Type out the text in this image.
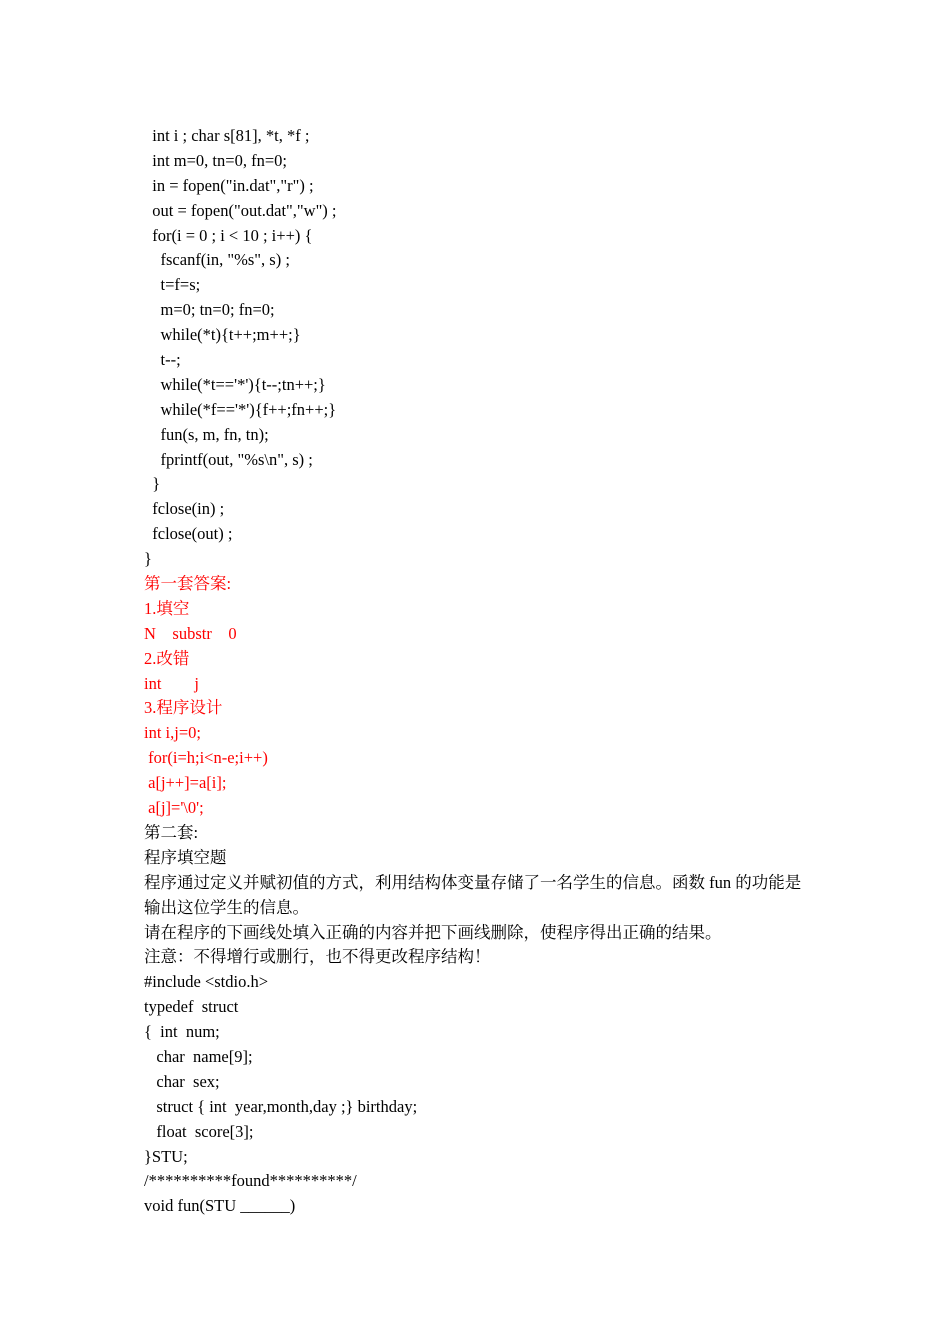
int i ; char s[81], *t, *f ;
int m=0, tn=0, fn=0;
in = fopen("in.dat","r") ;
out = fopen("out.dat","w") ;
for(i = 0 ; i < 10 ; i++) {
fscanf(in, "%s", s) ;
t=f=s;
m=0; tn=0; fn=0;
while(*t){t++;m++;}
t--;
while(*t=='*'){t--;tn++;}
while(*f=='*'){f++;fn++;}
fun(s, m, fn, tn);
fprintf(out, "%s\n", s) ;
}
fclose(in) ;
fclose(out) ;
}
第一套答案:
1.填空
N    substr    0
2.改错
int        j
3.程序设计
int i,j=0;
for(i=h;i<n-e;i++)
a[j++]=a[i];
a[j]='\0';
第二套:
程序填空题
程序通过定义并赋初值的方式，利用结构体变量存储了一名学生的信息。函数 fun 的功能是
输出这位学生的信息。
请在程序的下画线处填入正确的内容并把下画线删除，使程序得出正确的结果。
注意：不得增行或删行，也不得更改程序结构！
#include <stdio.h>
typedef  struct
{  int  num;
char  name[9];
char  sex;
struct { int  year,month,day ;} birthday;
float  score[3];
}STU;
/**********found**********/
void fun(STU ______)
